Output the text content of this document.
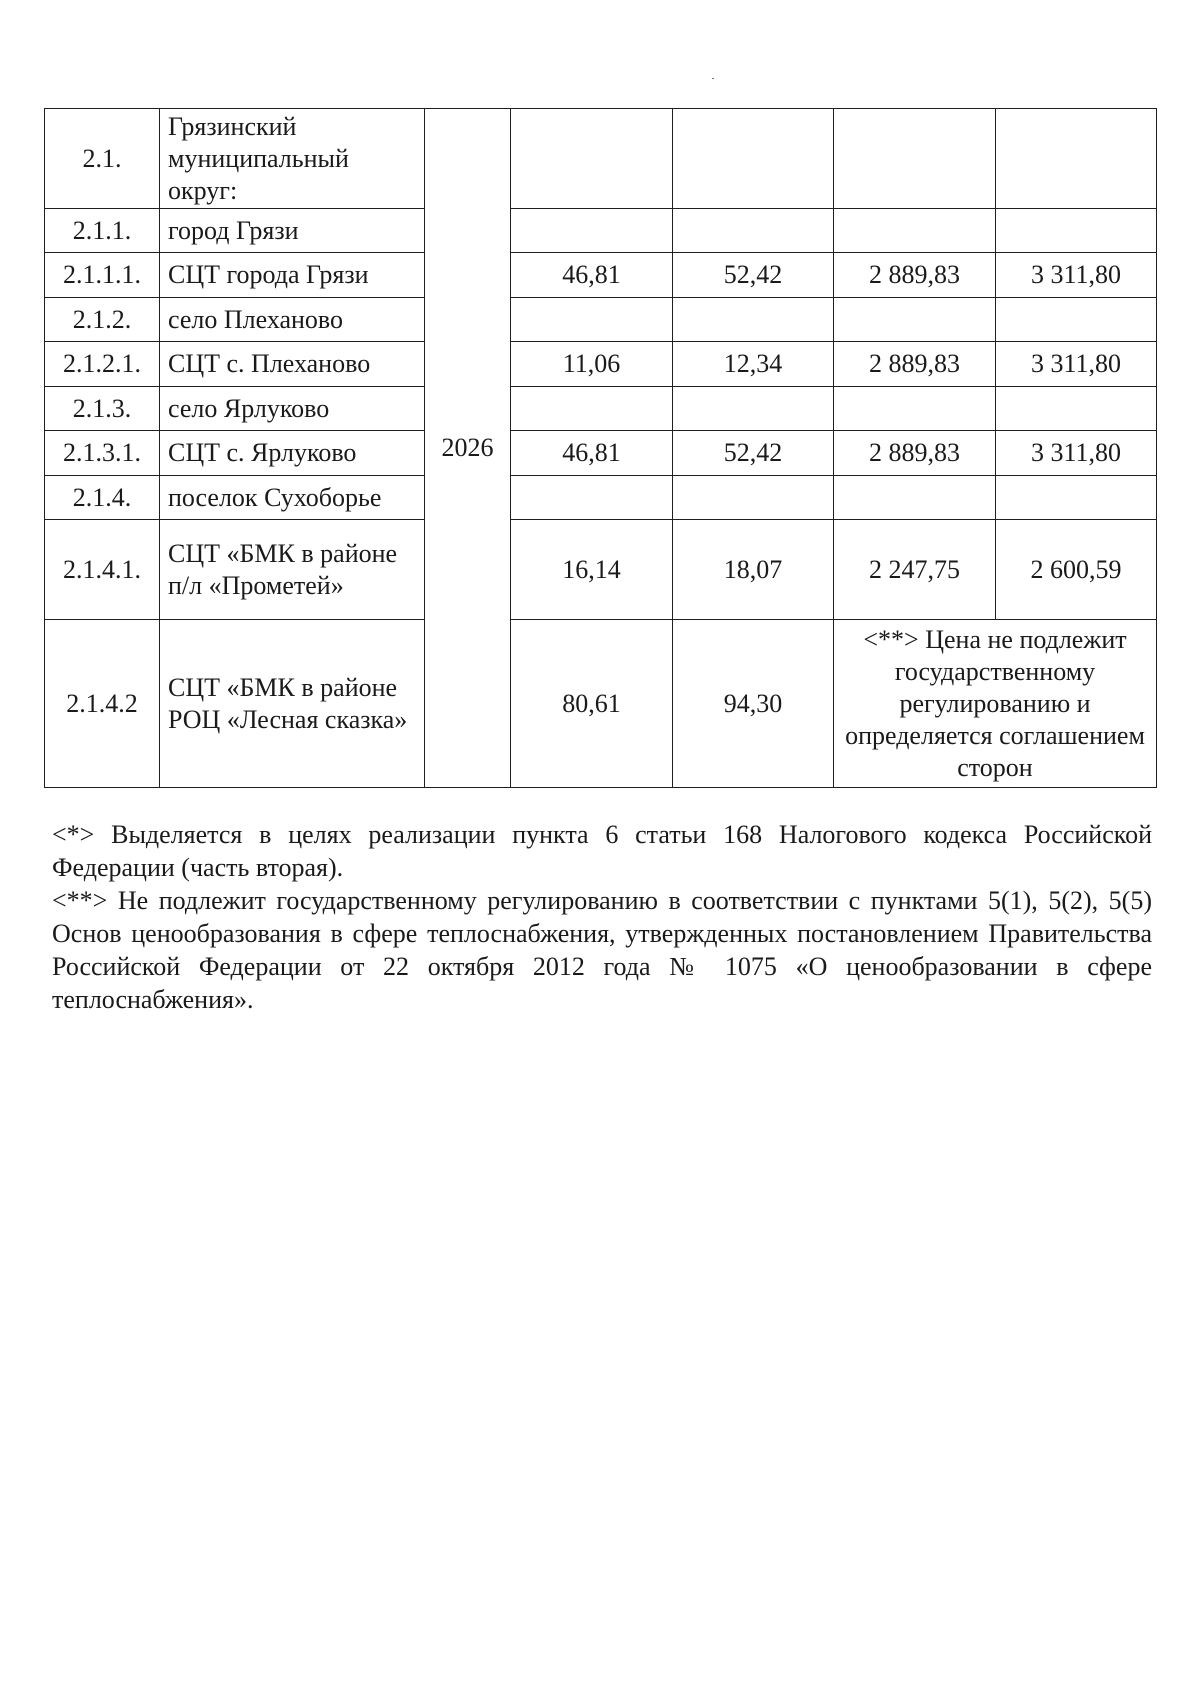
2.1.	Грязинский муниципальный округ:	2026				
2.1.1.	город Грязи					
2.1.1.1.	СЦТ города Грязи		46,81	52,42	2 889,83	3 311,80
2.1.2.	село Плеханово					
2.1.2.1.	СЦТ с. Плеханово		11,06	12,34	2 889,83	3 311,80
2.1.3.	село Ярлуково					
2.1.3.1.	СЦТ с. Ярлуково		46,81	52,42	2 889,83	3 311,80
2.1.4.	поселок Сухоборье					
2.1.4.1.	СЦТ «БМК в районе п/л «Прометей»		16,14	18,07	2 247,75	2 600,59
2.1.4.2	СЦТ «БМК в районе РОЦ «Лесная сказка»		80,61	94,30	<**> Цена не подлежит государственному регулированию и определяется соглашением сторон	

<*> Выделяется в целях реализации пункта 6 статьи 168 Налогового кодекса Российской Федерации (часть вторая).

<**> Не подлежит государственному регулированию в соответствии с пунктами 5(1), 5(2), 5(5) Основ ценообразования в сфере теплоснабжения, утвержденных постановлением Правительства Российской Федерации от 22 октября 2012 года № 1075 «О ценообразовании в сфере теплоснабжения».
